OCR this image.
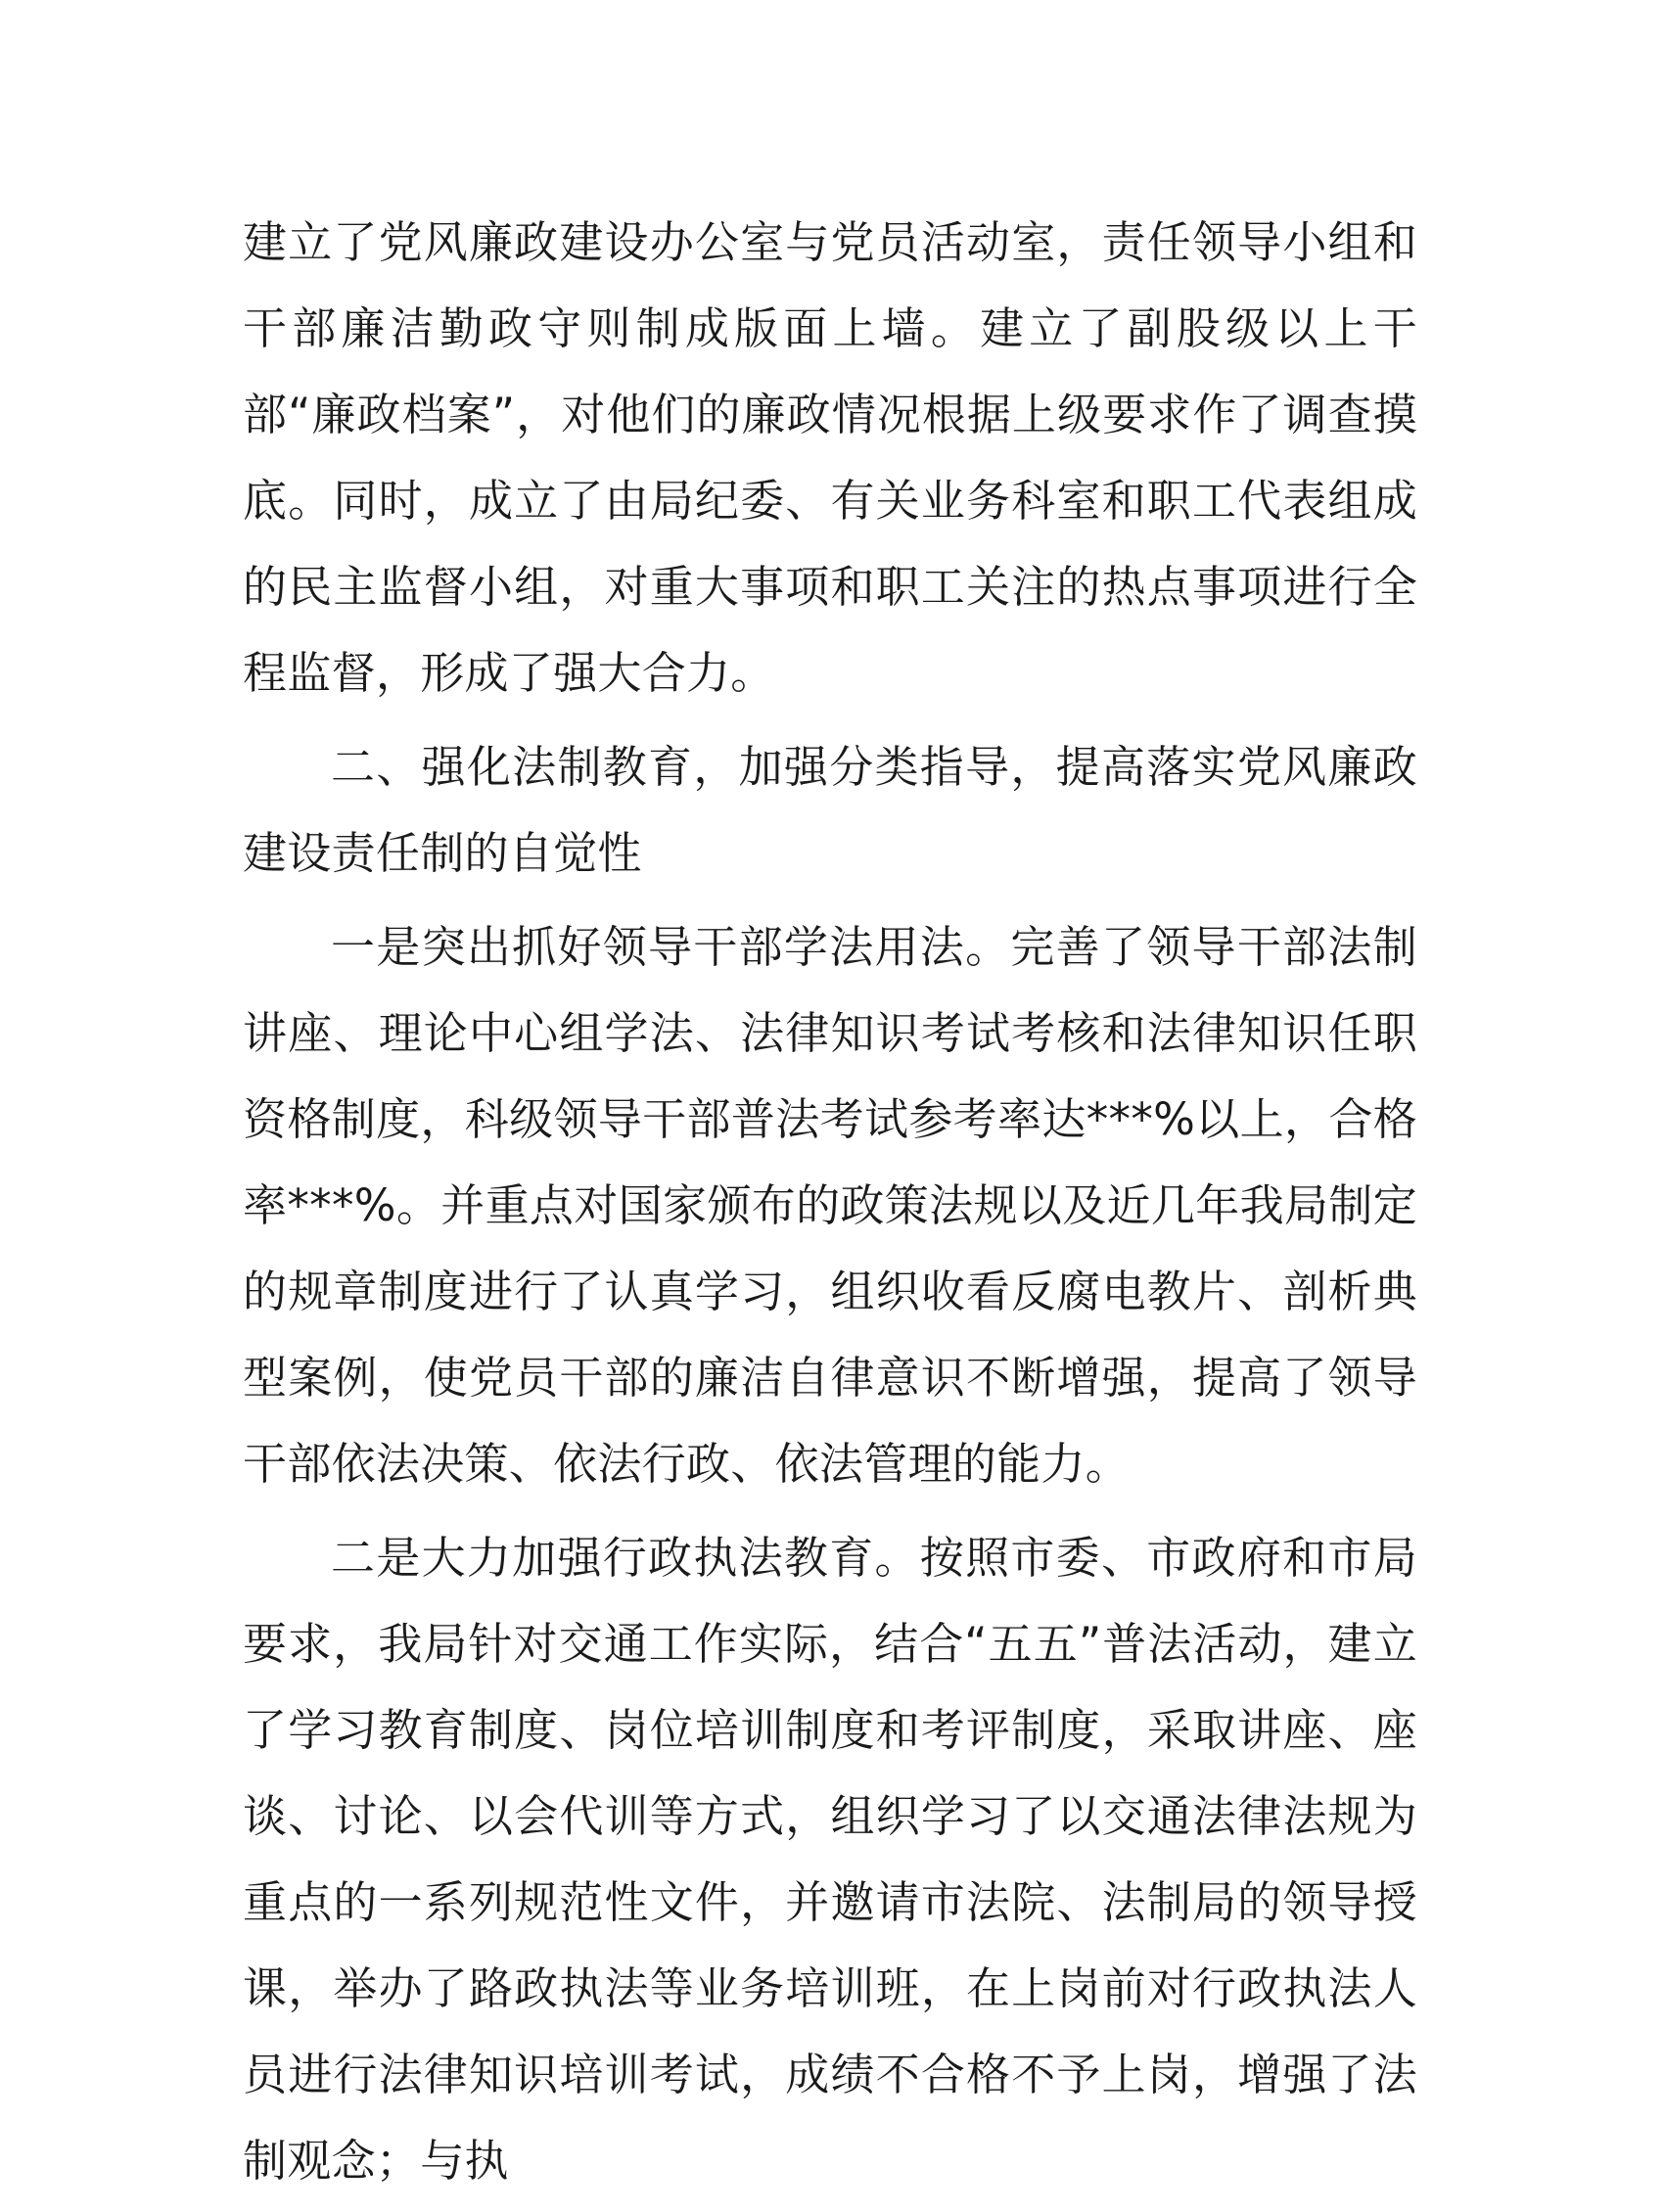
建立了党风廉政建设办公室与党员活动室，责任领导小组和干部廉洁勤政守则制成版面上墙。建立了副股级以上干部“廉政档案”，对他们的廉政情况根据上级要求作了调查摸底。同时，成立了由局纪委、有关业务科室和职工代表组成的民主监督小组，对重大事项和职工关注的热点事项进行全程监督，形成了强大合力。

二、强化法制教育，加强分类指导，提高落实党风廉政建设责任制的自觉性

一是突出抓好领导干部学法用法。完善了领导干部法制讲座、理论中心组学法、法律知识考试考核和法律知识任职资格制度，科级领导干部普法考试参考率达***%以上，合格率***%。并重点对国家颁布的政策法规以及近几年我局制定的规章制度进行了认真学习，组织收看反腐电教片、剖析典型案例，使党员干部的廉洁自律意识不断增强，提高了领导干部依法决策、依法行政、依法管理的能力。

二是大力加强行政执法教育。按照市委、市政府和市局要求，我局针对交通工作实际，结合“五五”普法活动，建立了学习教育制度、岗位培训制度和考评制度，采取讲座、座谈、讨论、以会代训等方式，组织学习了以交通法律法规为重点的一系列规范性文件，并邀请市法院、法制局的领导授课，举办了路政执法等业务培训班，在上岗前对行政执法人员进行法律知识培训考试，成绩不合格不予上岗，增强了法制观念；与执
